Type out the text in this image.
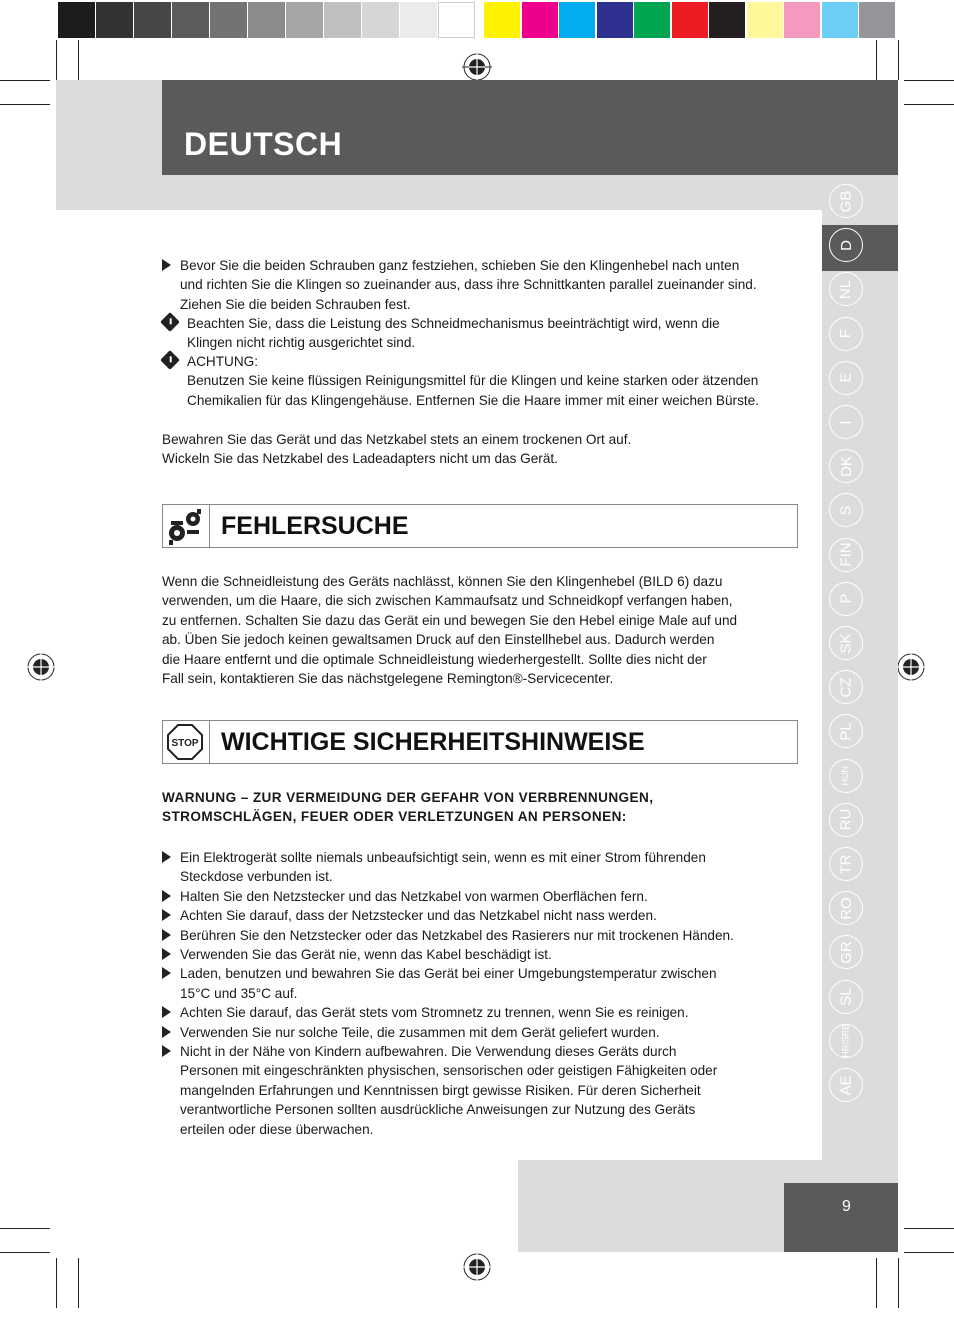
DEUTSCH
GB
D
NL
F
E
I
DK
S
FIN
P
SK
CZ
PL
HUN
RU
TR
RO
GR
SL
HR/SRB
AE
Bevor Sie die beiden Schrauben ganz festziehen, schieben Sie den Klingenhebel nach unten
und richten Sie die Klingen so zueinander aus, dass ihre Schnittkanten parallel zueinander sind.
Ziehen Sie die beiden Schrauben fest.
Beachten Sie, dass die Leistung des Schneidmechanismus beeinträchtigt wird, wenn die
Klingen nicht richtig ausgerichtet sind.
ACHTUNG:
Benutzen Sie keine flüssigen Reinigungsmittel für die Klingen und keine starken oder ätzenden
Chemikalien für das Klingengehäuse. Entfernen Sie die Haare immer mit einer weichen Bürste.
Bewahren Sie das Gerät und das Netzkabel stets an einem trockenen Ort auf.
Wickeln Sie das Netzkabel des Ladeadapters nicht um das Gerät.
FEHLERSUCHE
Wenn die Schneidleistung des Geräts nachlässt, können Sie den Klingenhebel (BILD 6) dazu
verwenden, um die Haare, die sich zwischen Kammaufsatz und Schneidkopf verfangen haben,
zu entfernen. Schalten Sie dazu das Gerät ein und bewegen Sie den Hebel einige Male auf und
ab. Üben Sie jedoch keinen gewaltsamen Druck auf den Einstellhebel aus. Dadurch werden
die Haare entfernt und die optimale Schneidleistung wiederhergestellt. Sollte dies nicht der
Fall sein, kontaktieren Sie das nächstgelegene Remington®-Servicecenter.
STOP WICHTIGE SICHERHEITSHINWEISE
WARNUNG – ZUR VERMEIDUNG DER GEFAHR VON VERBRENNUNGEN,
STROMSCHLÄGEN, FEUER ODER VERLETZUNGEN AN PERSONEN:
Ein Elektrogerät sollte niemals unbeaufsichtigt sein, wenn es mit einer Strom führenden
Steckdose verbunden ist.
Halten Sie den Netzstecker und das Netzkabel von warmen Oberflächen fern.
Achten Sie darauf, dass der Netzstecker und das Netzkabel nicht nass werden.
Berühren Sie den Netzstecker oder das Netzkabel des Rasierers nur mit trockenen Händen.
Verwenden Sie das Gerät nie, wenn das Kabel beschädigt ist.
Laden, benutzen und bewahren Sie das Gerät bei einer Umgebungstemperatur zwischen
15°C und 35°C auf.
Achten Sie darauf, das Gerät stets vom Stromnetz zu trennen, wenn Sie es reinigen.
Verwenden Sie nur solche Teile, die zusammen mit dem Gerät geliefert wurden.
Nicht in der Nähe von Kindern aufbewahren. Die Verwendung dieses Geräts durch
Personen mit eingeschränkten physischen, sensorischen oder geistigen Fähigkeiten oder
mangelnden Erfahrungen und Kenntnissen birgt gewisse Risiken. Für deren Sicherheit
verantwortliche Personen sollten ausdrückliche Anweisungen zur Nutzung des Geräts
erteilen oder diese überwachen.
9
